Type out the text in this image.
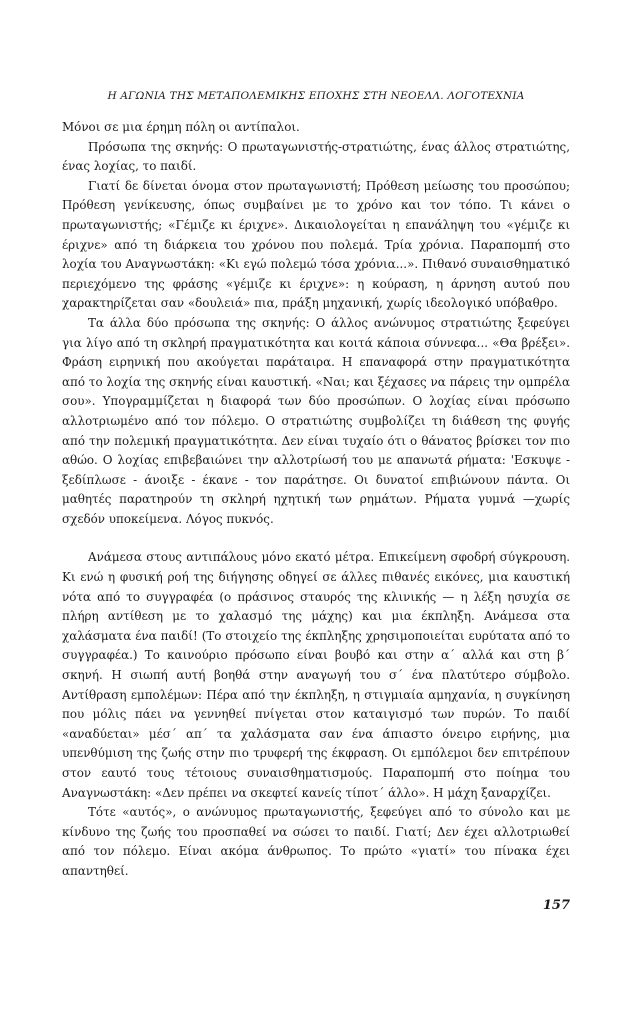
Η ΑΓΩΝΙΑ ΤΗΣ ΜΕΤΑΠΟΛΕΜΙΚΗΣ ΕΠΟΧΗΣ ΣΤΗ ΝΕΟΕΛΛ. ΛΟΓΟΤΕΧΝΙΑ

Μόνοι σε μια έρημη πόλη οι αντίπαλοι.

Πρόσωπα της σκηνής: Ο πρωταγωνιστής-στρατιώτης, ένας άλλος στρατιώτης, ένας λοχίας, το παιδί.

Γιατί δε δίνεται όνομα στον πρωταγωνιστή; Πρόθεση μείωσης του προσώπου; Πρόθεση γενίκευσης, όπως συμβαίνει με το χρόνο και τον τόπο. Τι κάνει ο πρωταγωνιστής; «Γέμιζε κι έριχνε». Δικαιολογείται η επανάληψη του «γέμιζε κι έριχνε» από τη διάρκεια του χρόνου που πολεμά. Τρία χρόνια. Παραπομπή στο λοχία του Αναγνωστάκη: «Κι εγώ πολεμώ τόσα χρόνια...». Πιθανό συναισθηματικό περιεχόμενο της φράσης «γέμιζε κι έριχνε»: η κούραση, η άρνηση αυτού που χαρακτηρίζεται σαν «δουλειά» πια, πράξη μηχανική, χωρίς ιδεολογικό υπόβαθρο.

Τα άλλα δύο πρόσωπα της σκηνής: Ο άλλος ανώνυμος στρατιώτης ξεφεύγει για λίγο από τη σκληρή πραγματικότητα και κοιτά κάποια σύννεφα... «Θα βρέξει». Φράση ειρηνική που ακούγεται παράταιρα. Η επαναφορά στην πραγματικότητα από το λοχία της σκηνής είναι καυστική. «Ναι; και ξέχασες να πάρεις την ομπρέλα σου». Υπογραμμίζεται η διαφορά των δύο προσώπων. Ο λοχίας είναι πρόσωπο αλλοτριωμένο από τον πόλεμο. Ο στρατιώτης συμβολίζει τη διάθεση της φυγής από την πολεμική πραγματικότητα. Δεν είναι τυχαίο ότι ο θάνατος βρίσκει τον πιο αθώο. Ο λοχίας επιβεβαιώνει την αλλοτρίωσή του με απανωτά ρήματα: 'Εσκυψε - ξεδίπλωσε - άνοιξε - έκανε - τον παράτησε. Οι δυνατοί επιβιώνουν πάντα. Οι μαθητές παρατηρούν τη σκληρή ηχητική των ρημάτων. Ρήματα γυμνά —χωρίς σχεδόν υποκείμενα. Λόγος πυκνός.

Ανάμεσα στους αντιπάλους μόνο εκατό μέτρα. Επικείμενη σφοδρή σύγκρουση. Κι ενώ η φυσική ροή της διήγησης οδηγεί σε άλλες πιθανές εικόνες, μια καυστική νότα από το συγγραφέα (ο πράσινος σταυρός της κλινικής — η λέξη ησυχία σε πλήρη αντίθεση με το χαλασμό της μάχης) και μια έκπληξη. Ανάμεσα στα χαλάσματα ένα παιδί! (Το στοιχείο της έκπληξης χρησιμοποιείται ευρύτατα από το συγγραφέα.) Το καινούριο πρόσωπο είναι βουβό και στην α΄ αλλά και στη β΄ σκηνή. Η σιωπή αυτή βοηθά στην αναγωγή του σ΄ ένα πλατύτερο σύμβολο. Αντίθραση εμπολέμων: Πέρα από την έκπληξη, η στιγμιαία αμηχανία, η συγκίνηση που μόλις πάει να γεννηθεί πνίγεται στον καταιγισμό των πυρών. Το παιδί «αναδύεται» μέσ΄ απ΄ τα χαλάσματα σαν ένα άπιαστο όνειρο ειρήνης, μια υπενθύμιση της ζωής στην πιο τρυφερή της έκφραση. Οι εμπόλεμοι δεν επιτρέπουν στον εαυτό τους τέτοιους συναισθηματισμούς. Παραπομπή στο ποίημα του Αναγνωστάκη: «Δεν πρέπει να σκεφτεί κανείς τίποτ΄ άλλο». Η μάχη ξαναρχίζει.

Τότε «αυτός», ο ανώνυμος πρωταγωνιστής, ξεφεύγει από το σύνολο και με κίνδυνο της ζωής του προσπαθεί να σώσει το παιδί. Γιατί; Δεν έχει αλλοτριωθεί από τον πόλεμο. Είναι ακόμα άνθρωπος. Το πρώτο «γιατί» του πίνακα έχει απαντηθεί.

157
